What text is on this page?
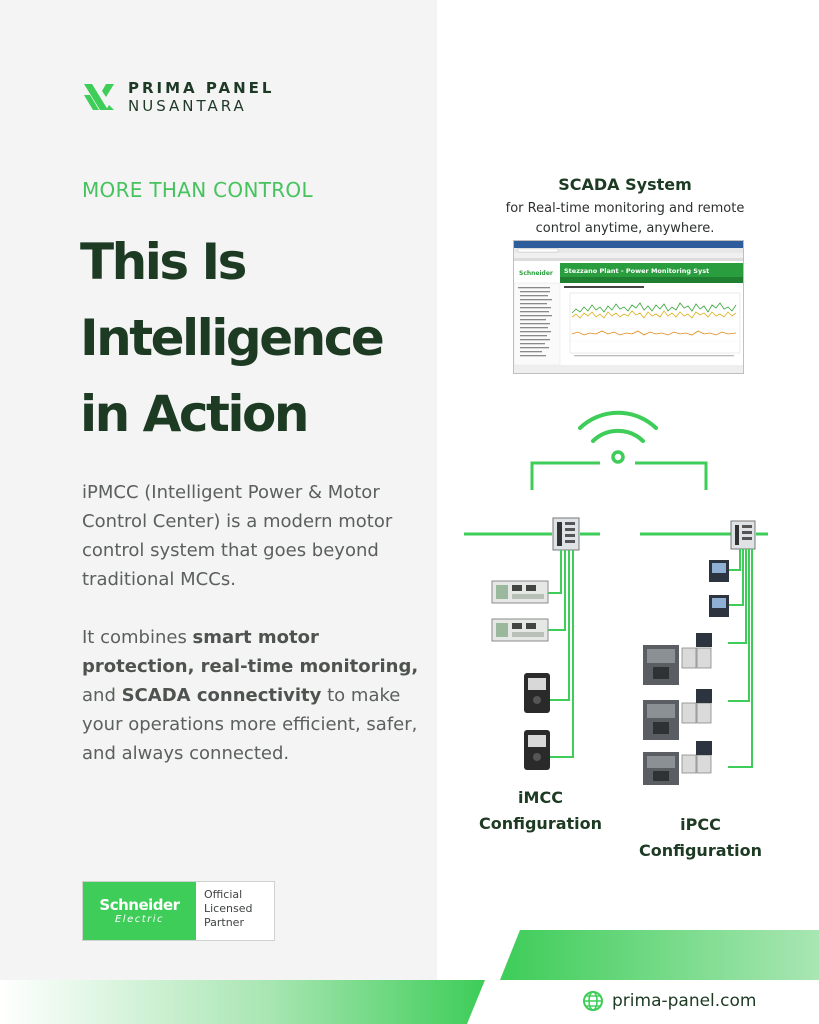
PRIMA PANEL
NUSANTARA
MORE THAN CONTROL
This Is
Intelligence
in Action

iPMCC (Intelligent Power & Motor Control Center) is a modern motor control system that goes beyond traditional MCCs.

It combines smart motor protection, real-time monitoring, and SCADA connectivity to make your operations more efficient, safer, and always connected.

Schneider
Electric
Official Licensed Partner
SCADA System
for Real-time monitoring and remote control anytime, anywhere.
Stezzano Plant - Power Monitoring Syst
Schneider
iMCC Configuration	iPCC Configuration
prima-panel.com
